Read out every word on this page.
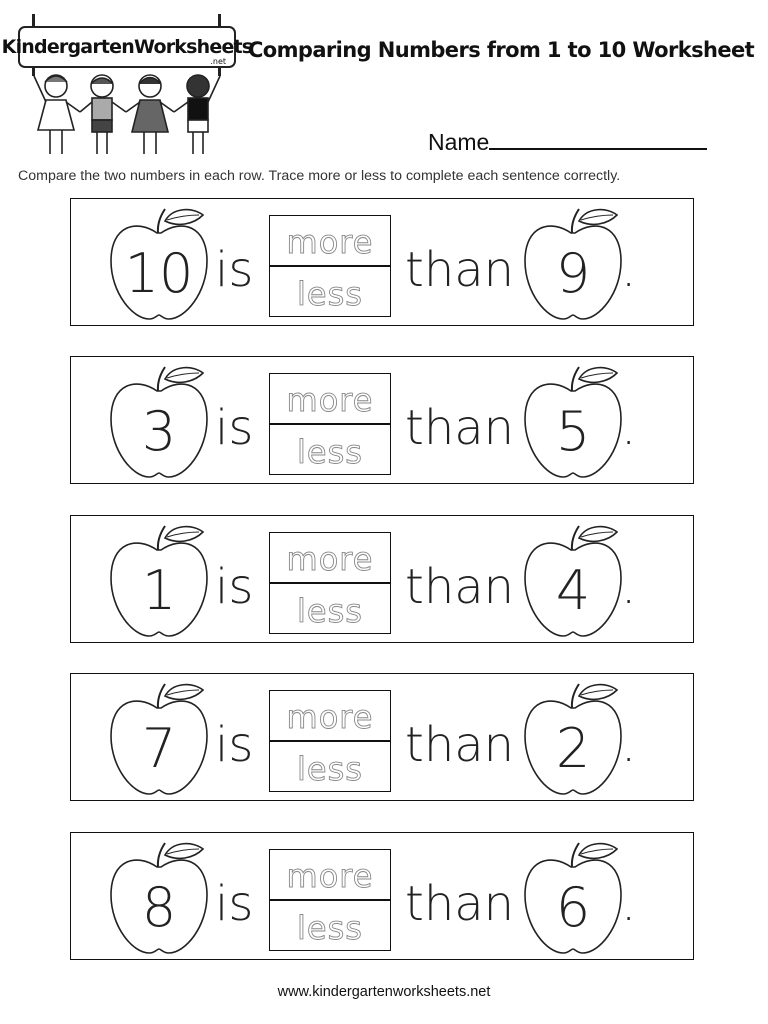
KindergartenWorksheets
.net Comparing Numbers from 1 to 10 Worksheet
Name
Compare the two numbers in each row. Trace more or less to complete each sentence correctly.
10 is	more
less than 9 .
3 is	more
less than 5 .
1 is	more
less than 4 .
7 is	more
less than 2 .
8 is	more
less than 6 .
www.kindergartenworksheets.net
